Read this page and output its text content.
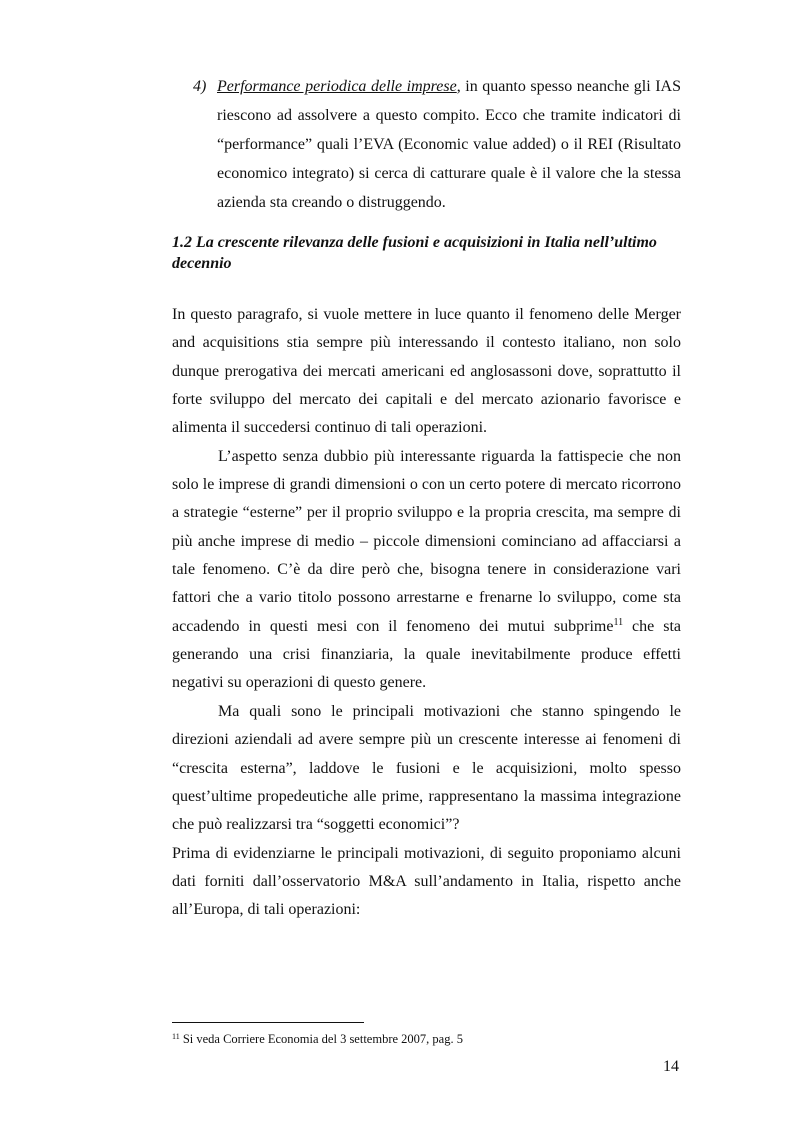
4) Performance periodica delle imprese, in quanto spesso neanche gli IAS riescono ad assolvere a questo compito. Ecco che tramite indicatori di “performance” quali l’EVA (Economic value added) o il REI (Risultato economico integrato) si cerca di catturare quale è il valore che la stessa azienda sta creando o distruggendo.
1.2 La crescente rilevanza delle fusioni e acquisizioni in Italia nell’ultimo decennio

In questo paragrafo, si vuole mettere in luce quanto il fenomeno delle Merger and acquisitions stia sempre più interessando il contesto italiano, non solo dunque prerogativa dei mercati americani ed anglosassoni dove, soprattutto il forte sviluppo del mercato dei capitali e del mercato azionario favorisce e alimenta il succedersi continuo di tali operazioni.

L’aspetto senza dubbio più interessante riguarda la fattispecie che non solo le imprese di grandi dimensioni o con un certo potere di mercato ricorrono a strategie “esterne” per il proprio sviluppo e la propria crescita, ma sempre di più anche imprese di medio – piccole dimensioni cominciano ad affacciarsi a tale fenomeno. C’è da dire però che, bisogna tenere in considerazione vari fattori che a vario titolo possono arrestarne e frenarne lo sviluppo, come sta accadendo in questi mesi con il fenomeno dei mutui subprime$^{11}$ che sta generando una crisi finanziaria, la quale inevitabilmente produce effetti negativi su operazioni di questo genere.

Ma quali sono le principali motivazioni che stanno spingendo le direzioni aziendali ad avere sempre più un crescente interesse ai fenomeni di “crescita esterna”, laddove le fusioni e le acquisizioni, molto spesso quest’ultime propedeutiche alle prime, rappresentano la massima integrazione che può realizzarsi tra “soggetti economici”?

Prima di evidenziarne le principali motivazioni, di seguito proponiamo alcuni dati forniti dall’osservatorio M&A sull’andamento in Italia, rispetto anche all’Europa, di tali operazioni:

$^{11}$ Si veda Corriere Economia del 3 settembre 2007, pag. 5
14
